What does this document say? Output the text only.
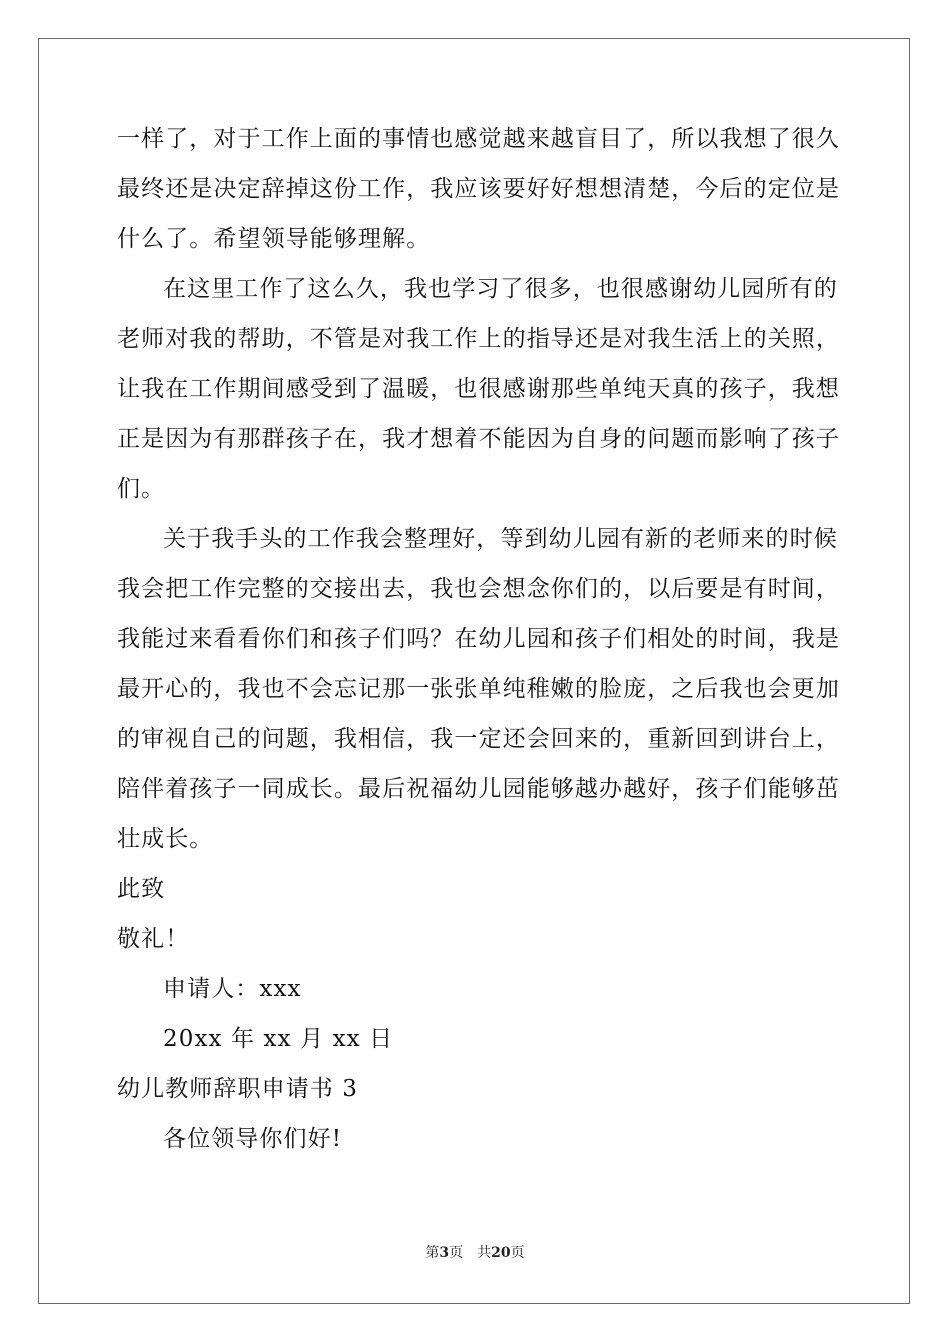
一样了，对于工作上面的事情也感觉越来越盲目了，所以我想了很久
最终还是决定辞掉这份工作，我应该要好好想想清楚，今后的定位是
什么了。希望领导能够理解。
在这里工作了这么久，我也学习了很多，也很感谢幼儿园所有的
老师对我的帮助，不管是对我工作上的指导还是对我生活上的关照，
让我在工作期间感受到了温暖，也很感谢那些单纯天真的孩子，我想
正是因为有那群孩子在，我才想着不能因为自身的问题而影响了孩子
们。
关于我手头的工作我会整理好，等到幼儿园有新的老师来的时候
我会把工作完整的交接出去，我也会想念你们的，以后要是有时间，
我能过来看看你们和孩子们吗？在幼儿园和孩子们相处的时间，我是
最开心的，我也不会忘记那一张张单纯稚嫩的脸庞，之后我也会更加
的审视自己的问题，我相信，我一定还会回来的，重新回到讲台上，
陪伴着孩子一同成长。最后祝福幼儿园能够越办越好，孩子们能够茁
壮成长。
此致
敬礼！
申请人：xxx
20xx 年 xx 月 xx 日
幼儿教师辞职申请书 3
各位领导你们好!
第3页　共20页
